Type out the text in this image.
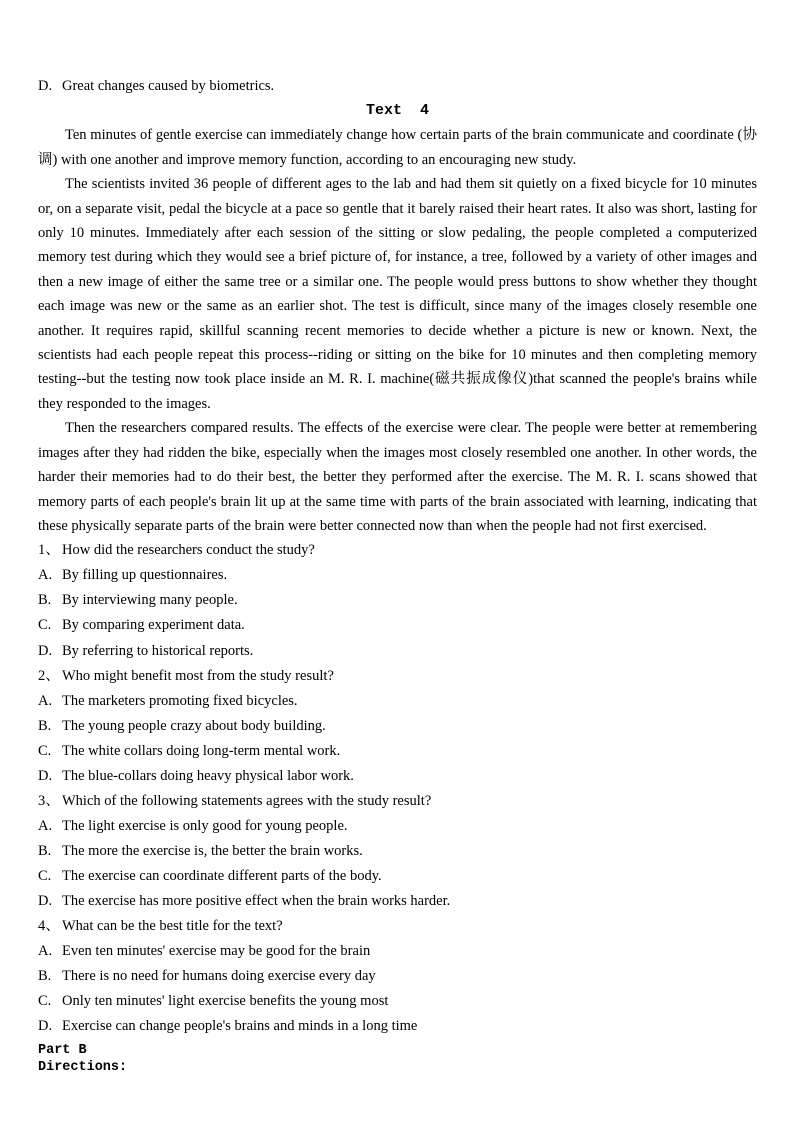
D. Great changes caused by biometrics.
Text  4

Ten minutes of gentle exercise can immediately change how certain parts of the brain communicate and coordinate (协调) with one another and improve memory function, according to an encouraging new study.

The scientists invited 36 people of different ages to the lab and had them sit quietly on a fixed bicycle for 10 minutes or, on a separate visit, pedal the bicycle at a pace so gentle that it barely raised their heart rates. It also was short, lasting for only 10 minutes. Immediately after each session of the sitting or slow pedaling, the people completed a computerized memory test during which they would see a brief picture of, for instance, a tree, followed by a variety of other images and then a new image of either the same tree or a similar one. The people would press buttons to show whether they thought each image was new or the same as an earlier shot. The test is difficult, since many of the images closely resemble one another. It requires rapid, skillful scanning recent memories to decide whether a picture is new or known. Next, the scientists had each people repeat this process--riding or sitting on the bike for 10 minutes and then completing memory testing--but the testing now took place inside an M. R. I. machine(磁共振成像仪)that scanned the people's brains while they responded to the images.

Then the researchers compared results. The effects of the exercise were clear. The people were better at remembering images after they had ridden the bike, especially when the images most closely resembled one another. In other words, the harder their memories had to do their best, the better they performed after the exercise. The M. R. I. scans showed that memory parts of each people's brain lit up at the same time with parts of the brain associated with learning, indicating that these physically separate parts of the brain were better connected now than when the people had not first exercised.

1、 How did the researchers conduct the study?
A. By filling up questionnaires.
B. By interviewing many people.
C. By comparing experiment data.
D. By referring to historical reports.
2、 Who might benefit most from the study result?
A. The marketers promoting fixed bicycles.
B. The young people crazy about body building.
C. The white collars doing long-term mental work.
D. The blue-collars doing heavy physical labor work.
3、 Which of the following statements agrees with the study result?
A. The light exercise is only good for young people.
B. The more the exercise is, the better the brain works.
C. The exercise can coordinate different parts of the body.
D. The exercise has more positive effect when the brain works harder.
4、 What can be the best title for the text?
A. Even ten minutes' exercise may be good for the brain
B. There is no need for humans doing exercise every day
C. Only ten minutes' light exercise benefits the young most
D. Exercise can change people's brains and minds in a long time
Part B
Directions:
